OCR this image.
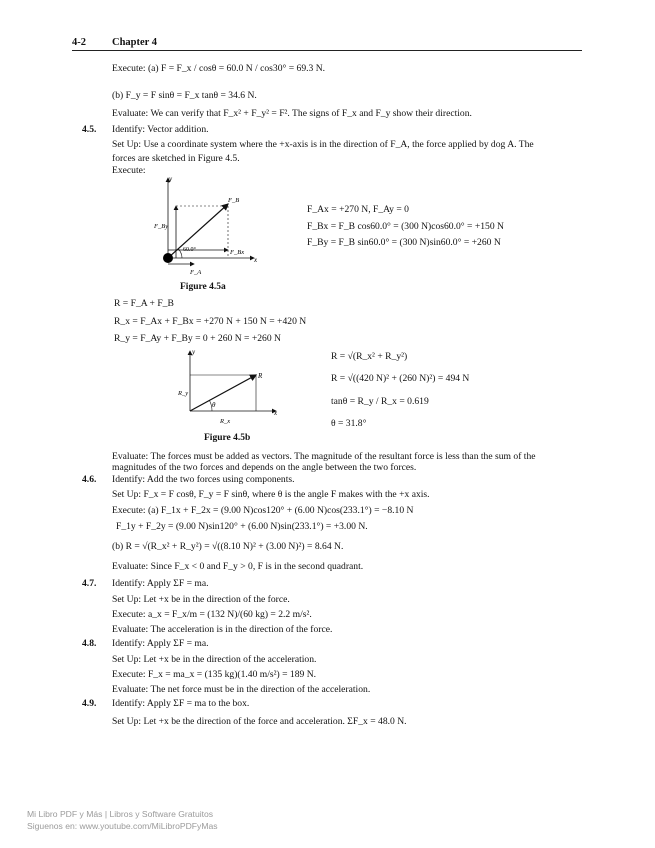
4-2 Chapter 4
Execute: (a) F = F_x / cosθ = 60.0 N / cos30° = 69.3 N.
(b) F_y = F sinθ = F_x tanθ = 34.6 N.
Evaluate: We can verify that F_x² + F_y² = F². The signs of F_x and F_y show their direction.
4.5. Identify: Vector addition.
Set Up: Use a coordinate system where the +x-axis is in the direction of F_A, the force applied by dog A. The
forces are sketched in Figure 4.5.
Execute:
y
x
F_B
F_By
F_Bx
F_A
60.0°
Figure 4.5a
F_Ax = +270 N, F_Ay = 0
F_Bx = F_B cos60.0° = (300 N)cos60.0° = +150 N
F_By = F_B sin60.0° = (300 N)sin60.0° = +260 N
R = F_A + F_B
R_x = F_Ax + F_Bx = +270 N + 150 N = +420 N
R_y = F_Ay + F_By = 0 + 260 N = +260 N
y
x
R
R_y
R_x
θ
Figure 4.5b
R = √(R_x² + R_y²)
R = √((420 N)² + (260 N)²) = 494 N
tanθ = R_y / R_x = 0.619
θ = 31.8°
Evaluate: The forces must be added as vectors. The magnitude of the resultant force is less than the sum of the
magnitudes of the two forces and depends on the angle between the two forces.
4.6. Identify: Add the two forces using components.
Set Up: F_x = F cosθ, F_y = F sinθ, where θ is the angle F makes with the +x axis.
Execute: (a) F_1x + F_2x = (9.00 N)cos120° + (6.00 N)cos(233.1°) = −8.10 N
F_1y + F_2y = (9.00 N)sin120° + (6.00 N)sin(233.1°) = +3.00 N.
(b) R = √(R_x² + R_y²) = √((8.10 N)² + (3.00 N)²) = 8.64 N.
Evaluate: Since F_x < 0 and F_y > 0, F is in the second quadrant.
4.7. Identify: Apply ΣF = ma.
Set Up: Let +x be in the direction of the force.
Execute: a_x = F_x/m = (132 N)/(60 kg) = 2.2 m/s².
Evaluate: The acceleration is in the direction of the force.
4.8. Identify: Apply ΣF = ma.
Set Up: Let +x be in the direction of the acceleration.
Execute: F_x = ma_x = (135 kg)(1.40 m/s²) = 189 N.
Evaluate: The net force must be in the direction of the acceleration.
4.9. Identify: Apply ΣF = ma to the box.
Set Up: Let +x be the direction of the force and acceleration. ΣF_x = 48.0 N.
Mi Libro PDF y Más | Libros y Software Gratuitos
Siguenos en: www.youtube.com/MiLibroPDFyMas
